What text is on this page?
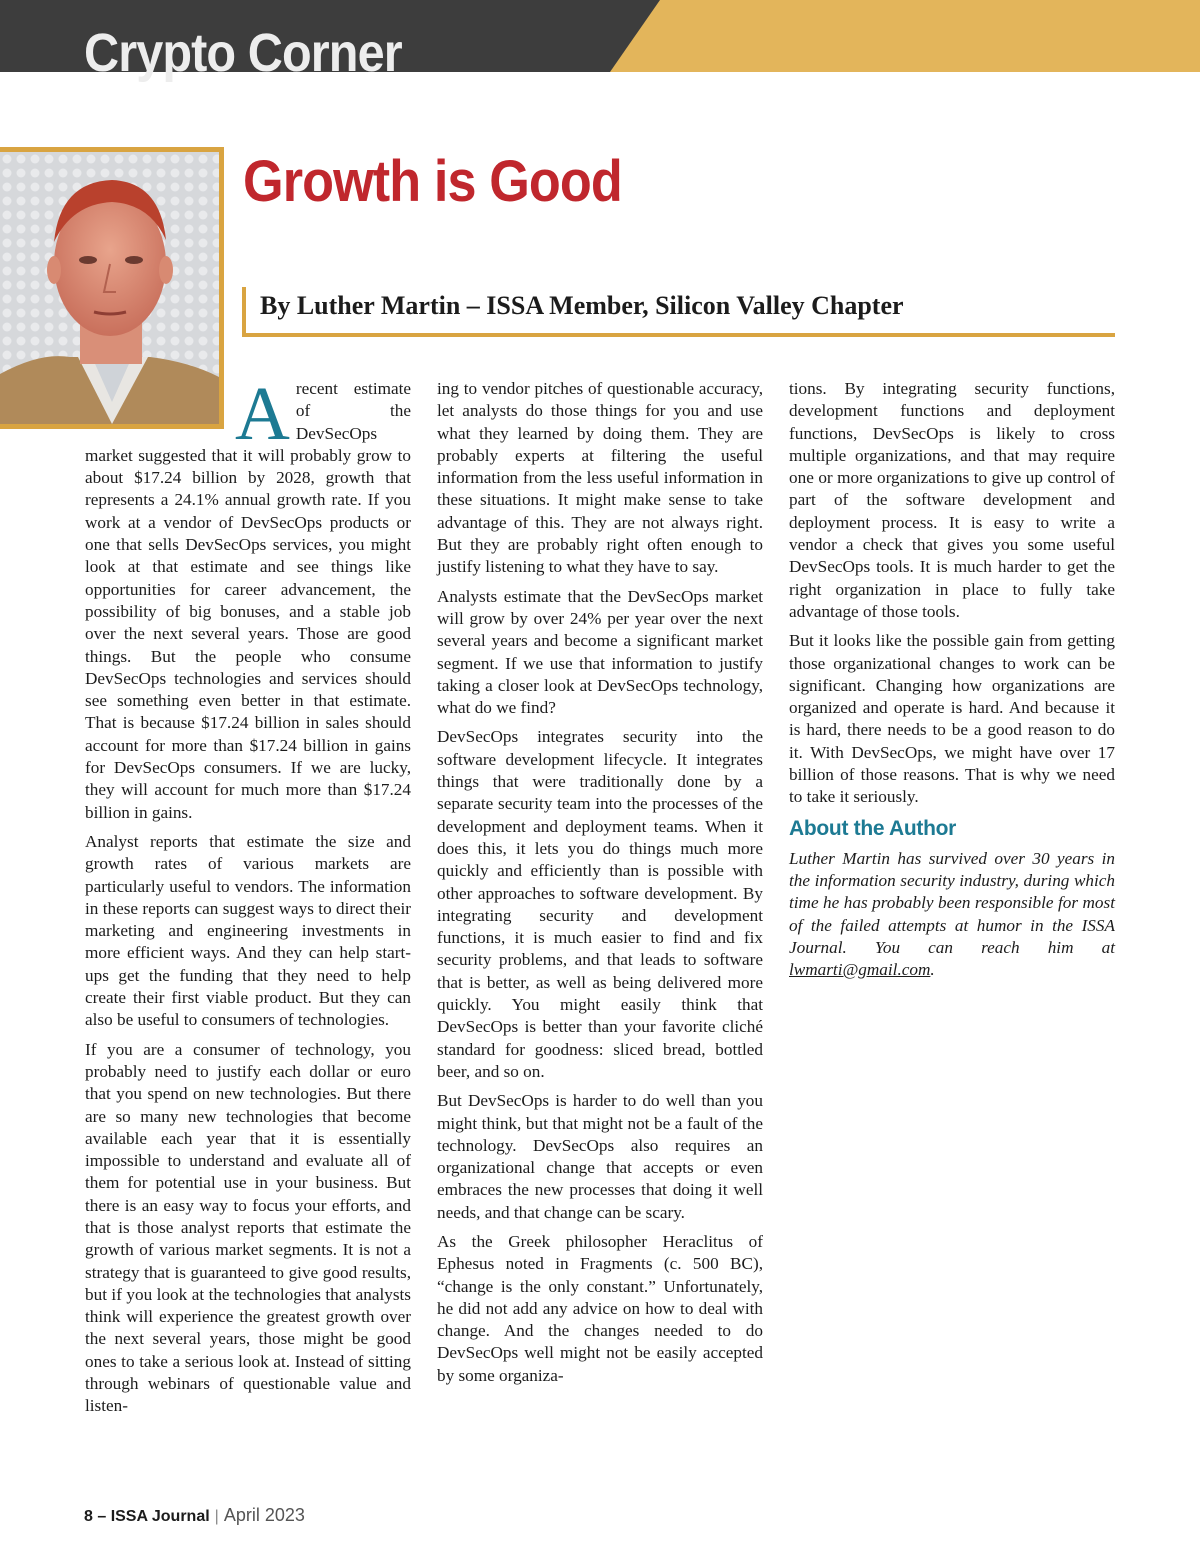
Crypto Corner
Growth is Good
By Luther Martin – ISSA Member, Silicon Valley Chapter

Arecent estimate of the DevSecOps market suggested that it will probably grow to about $17.24 billion by 2028, growth that represents a 24.1% annual growth rate. If you work at a vendor of DevSecOps products or one that sells DevSecOps services, you might look at that estimate and see things like opportunities for career advancement, the possibility of big bonuses, and a stable job over the next several years. Those are good things. But the people who consume DevSecOps technologies and services should see something even better in that estimate. That is because $17.24 billion in sales should account for more than $17.24 billion in gains for DevSecOps consumers. If we are lucky, they will account for much more than $17.24 billion in gains.

Analyst reports that estimate the size and growth rates of various markets are particularly useful to vendors. The information in these reports can suggest ways to direct their marketing and engineering investments in more efficient ways. And they can help start-ups get the funding that they need to help create their first viable product. But they can also be useful to consumers of technologies.

If you are a consumer of technology, you probably need to justify each dollar or euro that you spend on new technologies. But there are so many new technologies that become available each year that it is essentially impossible to understand and evaluate all of them for potential use in your business. But there is an easy way to focus your efforts, and that is those analyst reports that estimate the growth of various market segments. It is not a strategy that is guaranteed to give good results, but if you look at the technologies that analysts think will experience the greatest growth over the next several years, those might be good ones to take a serious look at. Instead of sitting through webinars of questionable value and listen-

ing to vendor pitches of questionable accuracy, let analysts do those things for you and use what they learned by doing them. They are probably experts at filtering the useful information from the less useful information in these situations. It might make sense to take advantage of this. They are not always right. But they are probably right often enough to justify listening to what they have to say.

Analysts estimate that the DevSecOps market will grow by over 24% per year over the next several years and become a significant market segment. If we use that information to justify taking a closer look at DevSecOps technology, what do we find?

DevSecOps integrates security into the software development lifecycle. It integrates things that were traditionally done by a separate security team into the processes of the development and deployment teams. When it does this, it lets you do things much more quickly and efficiently than is possible with other approaches to software development. By integrating security and development functions, it is much easier to find and fix security problems, and that leads to software that is better, as well as being delivered more quickly. You might easily think that DevSecOps is better than your favorite cliché standard for goodness: sliced bread, bottled beer, and so on.

But DevSecOps is harder to do well than you might think, but that might not be a fault of the technology. DevSecOps also requires an organizational change that accepts or even embraces the new processes that doing it well needs, and that change can be scary.

As the Greek philosopher Heraclitus of Ephesus noted in Fragments (c. 500 BC), “change is the only constant.” Unfortunately, he did not add any advice on how to deal with change. And the changes needed to do DevSecOps well might not be easily accepted by some organiza-

tions. By integrating security functions, development functions and deployment functions, DevSecOps is likely to cross multiple organizations, and that may require one or more organizations to give up control of part of the software development and deployment process. It is easy to write a vendor a check that gives you some useful DevSecOps tools. It is much harder to get the right organization in place to fully take advantage of those tools.

But it looks like the possible gain from getting those organizational changes to work can be significant. Changing how organizations are organized and operate is hard. And because it is hard, there needs to be a good reason to do it. With DevSecOps, we might have over 17 billion of those reasons. That is why we need to take it seriously.

About the Author

Luther Martin has survived over 30 years in the information security industry, during which time he has probably been responsible for most of the failed attempts at humor in the ISSA Journal. You can reach him at lwmarti@gmail.com.

8 – ISSA Journal | April 2023
